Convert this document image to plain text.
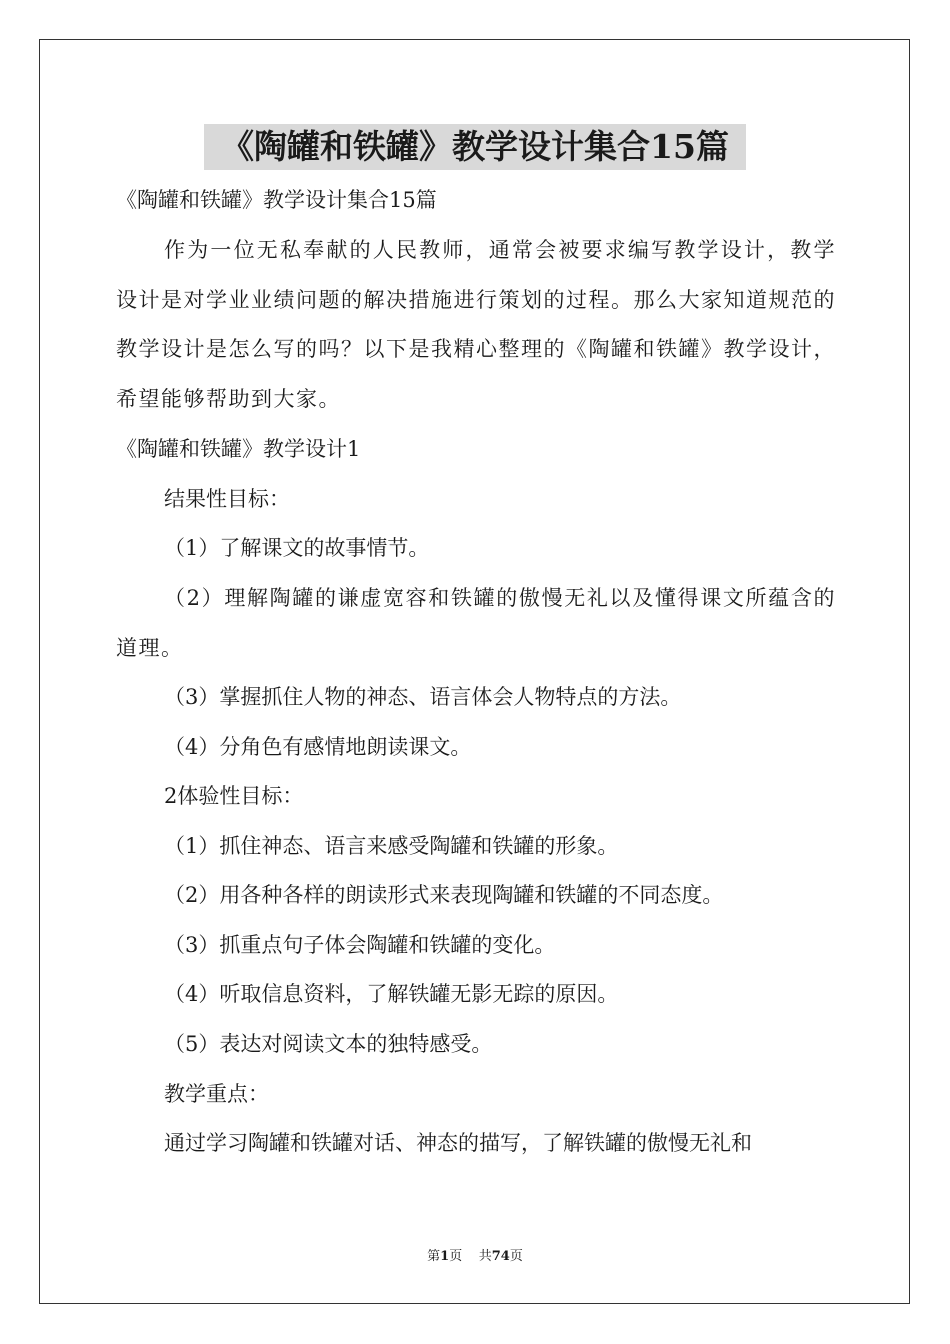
《陶罐和铁罐》教学设计集合15篇
《陶罐和铁罐》教学设计集合15篇
作为一位无私奉献的人民教师，通常会被要求编写教学设计，教学设计是对学业业绩问题的解决措施进行策划的过程。那么大家知道规范的教学设计是怎么写的吗？以下是我精心整理的《陶罐和铁罐》教学设计，希望能够帮助到大家。
《陶罐和铁罐》教学设计1
结果性目标：
（1）了解课文的故事情节。
（2）理解陶罐的谦虚宽容和铁罐的傲慢无礼以及懂得课文所蕴含的道理。
（3）掌握抓住人物的神态、语言体会人物特点的方法。
（4）分角色有感情地朗读课文。
2体验性目标：
（1）抓住神态、语言来感受陶罐和铁罐的形象。
（2）用各种各样的朗读形式来表现陶罐和铁罐的不同态度。
（3）抓重点句子体会陶罐和铁罐的变化。
（4）听取信息资料，了解铁罐无影无踪的原因。
（5）表达对阅读文本的独特感受。
教学重点：
通过学习陶罐和铁罐对话、神态的描写，了解铁罐的傲慢无礼和
第1页 共74页
